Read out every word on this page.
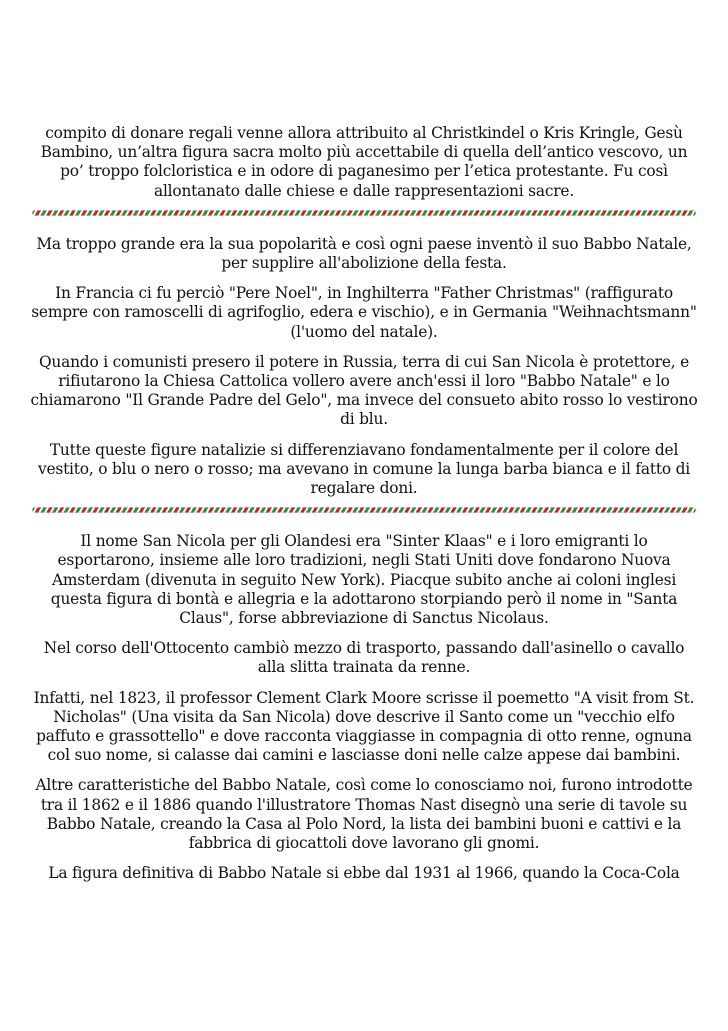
compito di donare regali venne allora attribuito al Christkindel o Kris Kringle, Gesù Bambino, un’altra figura sacra molto più accettabile di quella dell’antico vescovo, un po’ troppo folcloristica e in odore di paganesimo per l’etica protestante. Fu così allontanato dalle chiese e dalle rappresentazioni sacre.

Ma troppo grande era la sua popolarità e così ogni paese inventò il suo Babbo Natale, per supplire all'abolizione della festa.

In Francia ci fu perciò "Pere Noel", in Inghilterra "Father Christmas" (raffigurato sempre con ramoscelli di agrifoglio, edera e vischio), e in Germania "Weihnachtsmann" (l'uomo del natale).

Quando i comunisti presero il potere in Russia, terra di cui San Nicola è protettore, e rifiutarono la Chiesa Cattolica vollero avere anch'essi il loro "Babbo Natale" e lo chiamarono "Il Grande Padre del Gelo", ma invece del consueto abito rosso lo vestirono di blu.

Tutte queste figure natalizie si differenziavano fondamentalmente per il colore del vestito, o blu o nero o rosso; ma avevano in comune la lunga barba bianca e il fatto di regalare doni.

Il nome San Nicola per gli Olandesi era "Sinter Klaas" e i loro emigranti lo esportarono, insieme alle loro tradizioni, negli Stati Uniti dove fondarono Nuova Amsterdam (divenuta in seguito New York). Piacque subito anche ai coloni inglesi questa figura di bontà e allegria e la adottarono storpiando però il nome in "Santa Claus", forse abbreviazione di Sanctus Nicolaus.

Nel corso dell'Ottocento cambiò mezzo di trasporto, passando dall'asinello o cavallo alla slitta trainata da renne.

Infatti, nel 1823, il professor Clement Clark Moore scrisse il poemetto "A visit from St. Nicholas" (Una visita da San Nicola) dove descrive il Santo come un "vecchio elfo paffuto e grassottello" e dove racconta viaggiasse in compagnia di otto renne, ognuna col suo nome, si calasse dai camini e lasciasse doni nelle calze appese dai bambini.

Altre caratteristiche del Babbo Natale, così come lo conosciamo noi, furono introdotte tra il 1862 e il 1886 quando l'illustratore Thomas Nast disegnò una serie di tavole su Babbo Natale, creando la Casa al Polo Nord, la lista dei bambini buoni e cattivi e la fabbrica di giocattoli dove lavorano gli gnomi.

La figura definitiva di Babbo Natale si ebbe dal 1931 al 1966, quando la Coca-Cola
